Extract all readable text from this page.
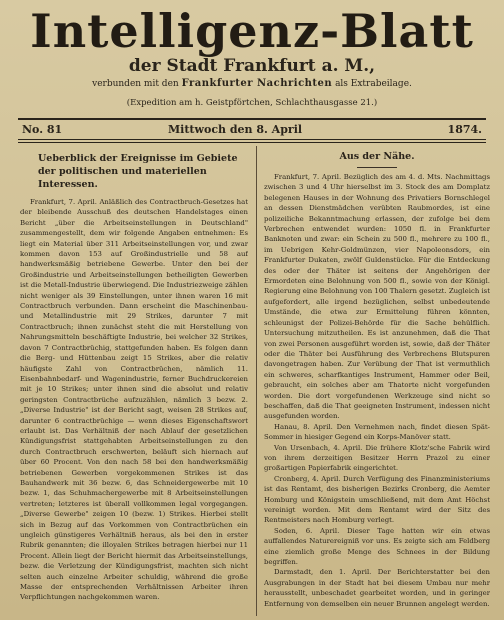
Intelligenz-Blatt
der Stadt Frankfurt a. M.,
verbunden mit den Frankfurter Nachrichten als Extrabeilage.
(Expedition am h. Geistpförtchen, Schlachthausgasse 21.)
No. 81	Mittwoch den 8. April	1874.
Ueberblick der Ereignisse im Gebiete der politischen und materiellen Interessen.

Frankfurt, 7. April. Anläßlich des Contractbruch-Gesetzes hat der bleibende Ausschuß des deutschen Handelstages einen Bericht „über die Arbeitseinstellungen in Deutschland" zusammengestellt, dem wir folgende Angaben entnehmen: Es liegt ein Material über 311 Arbeitseinstellungen vor, und zwar kommen davon 153 auf Großindustrielle und 58 auf handwerksmäßig betriebene Gewerbe. Unter den bei der Großindustrie und Arbeitseinstellungen betheiligten Gewerben ist die Metall-Industrie überwiegend. Die Industriezweige zählen nicht weniger als 39 Einstellungen, unter ihnen waren 16 mit Contractbruch verbunden. Dann erscheint die Maschinenbau- und Metallindustrie mit 29 Strikes, darunter 7 mit Contractbruch; ihnen zunächst steht die mit Herstellung von Nahrungsmitteln beschäftigte Industrie, bei welcher 32 Strikes, davon 7 Contractbrüchig, stattgefunden haben. Es folgen dann die Berg- und Hüttenbau zeigt 15 Strikes, aber die relativ häufigste Zahl von Contractbrüchen, nämlich 11. Eisenbahnbedarf- und Wagenindustrie, ferner Buchdruckereien mit je 10 Strikes; unter ihnen sind die absolut und relativ geringsten Contractbrüche aufzuzählen, nämlich 3 bezw. 2. „Diverse Industrie" ist der Bericht sagt, weisen 28 Strikes auf, darunter 6 contractbrüchige — wenn dieses Eigenschaftswort erlaubt ist. Das Verhältniß der nach Ablauf der gesetzlichen Kündigungsfrist stattgehabten Arbeitseinstellungen zu den durch Contractbruch erschwerten, beläuft sich hiernach auf über 60 Procent. Von den nach 58 bei den handwerksmäßig betriebenen Gewerben vorgekommenen Strikes ist das Bauhandwerk mit 36 bezw. 6, das Schneidergewerbe mit 10 bezw. 1, das Schuhmachergewerbe mit 8 Arbeitseinstellungen vertreten; letzteres ist überall vollkommen legal vorgegangen. „Diverse Gewerbe" zeigen 10 (bezw. 1) Strikes. Hierbei stellt sich in Bezug auf das Vorkommen von Contractbrüchen ein ungleich günstigeres Verhältniß heraus, als bei den in erster Rubrik genannten; die illoyalen Strikes betragen hierbei nur 11 Procent. Allein liegt der Bericht hiermit das Arbeitseinstellungs, bezw. die Verletzung der Kündigungsfrist, machten sich nicht selten auch einzelne Arbeiter schuldig, während die große Masse der entsprechenden Verhältnissen Arbeiter ihren Verpflichtungen nachgekommen waren.

Aus der Nähe.

Frankfurt, 7. April. Bezüglich des am 4. d. Mts. Nachmittags zwischen 3 und 4 Uhr hierselbst im 3. Stock des am Domplatz belegenen Hauses in der Wohnung des Privatiers Bornschlegel an dessen Dienstmädchen verübten Raubmordes, ist eine polizeiliche Bekanntmachung erlassen, der zufolge bei dem Verbrechen entwendet wurden: 1050 fl. in Frankfurter Banknoten und zwar: ein Schein zu 500 fl., mehrere zu 100 fl., im Uebrigen Kehr-Goldmünzen, vier Napoleonsdors, ein Frankfurter Dukaten, zwölf Guldenstücke. Für die Entdeckung des oder der Thäter ist seitens der Angehörigen der Ermordeten eine Belohnung von 500 fl., sowie von der Königl. Regierung eine Belohnung von 100 Thalern gesetzt. Zugleich ist aufgefordert, alle irgend bezüglichen, selbst unbedeutende Umstände, die etwa zur Ermittelung führen könnten, schleunigst der Polizei-Behörde für die Sache behülflich. Untersuchung mitzutheilen. Es ist anzunehmen, daß die That von zwei Personen ausgeführt worden ist, sowie, daß der Thäter oder die Thäter bei Ausführung des Verbrechens Blutspuren davongetragen haben. Zur Verübung der That ist vermuthlich ein schweres, scharfkantiges Instrument, Hammer oder Beil, gebraucht, ein solches aber am Thatorte nicht vorgefunden worden. Die dort vorgefundenen Werkzeuge sind nicht so beschaffen, daß die That geeigneten Instrument, indessen nicht ausgefunden worden.

Hanau, 8. April. Den Vernehmen nach, findet diesen Spät-Sommer in hiesiger Gegend ein Korps-Manöver statt.

Von Ursenbach, 4. April. Die frühere Klotz'sche Fabrik wird von ihrem derzeitigen Besitzer Herrn Prazol zu einer großartigen Papierfabrik eingerichtet.

Cronberg, 4. April. Durch Verfügung des Finanzministeriums ist das Rentamt, des bisherigen Bezirks Cronberg, die Aemter Homburg und Königstein umschließend, mit dem Amt Höchst vereinigt worden. Mit dem Rentamt wird der Sitz des Rentmeisters nach Homburg verlegt.

Soden, 6. April. Dieser Tage hatten wir ein etwas auffallendes Naturereigniß vor uns. Es zeigte sich am Feldberg eine ziemlich große Menge des Schnees in der Bildung begriffen.

Darmstadt, den 1. April. Der Berichterstatter bei den Ausgrabungen in der Stadt hat bei diesem Umbau nur mehr herausstellt, unbeschadet gearbeitet worden, und in geringer Entfernung von demselben ein neuer Brunnen angelegt werden.
